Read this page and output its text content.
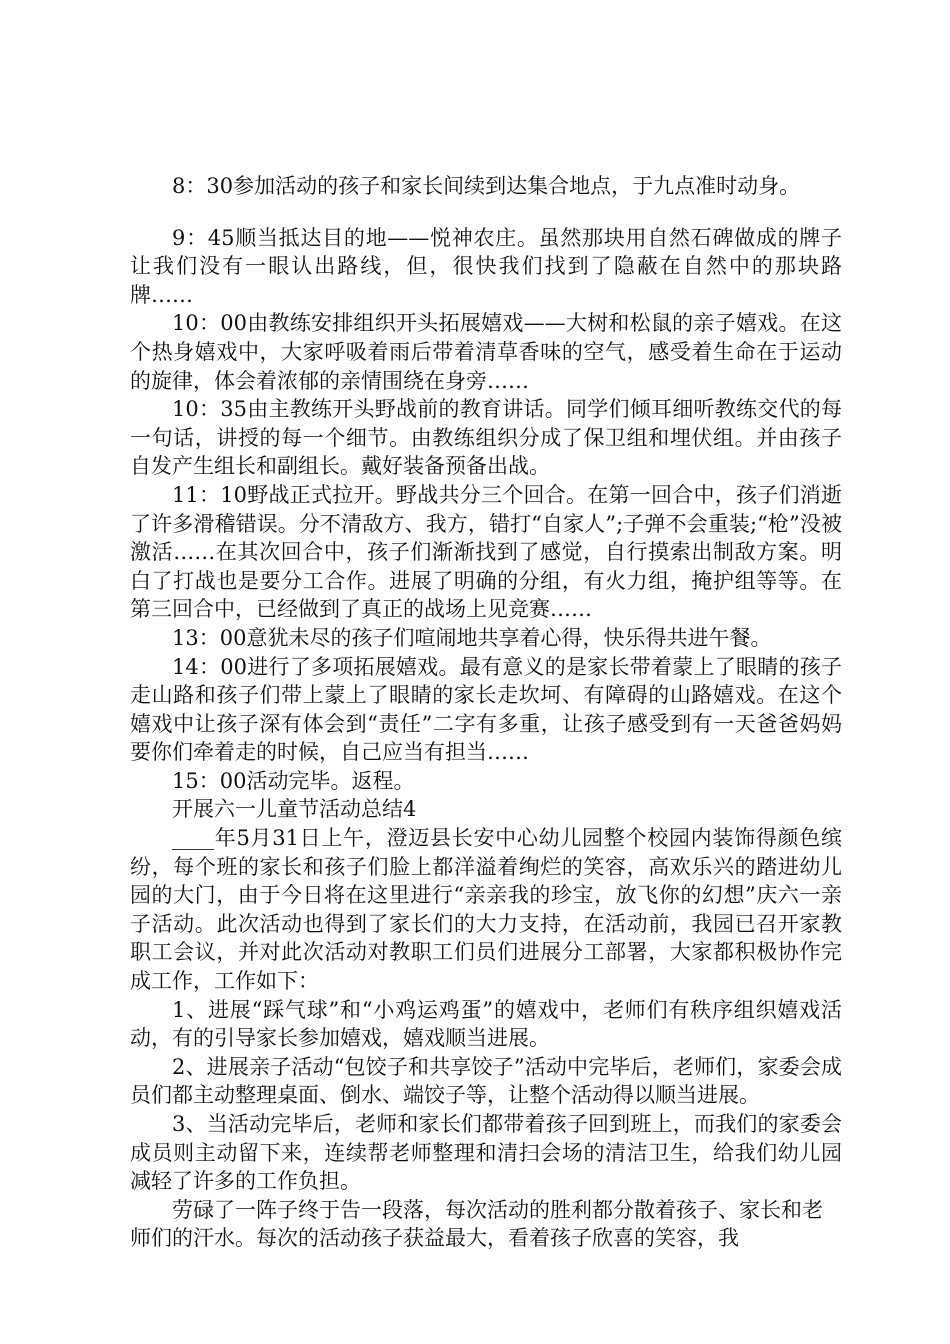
8：30参加活动的孩子和家长间续到达集合地点，于九点准时动身。

9：45顺当抵达目的地——悦神农庄。虽然那块用自然石碑做成的牌子让我们没有一眼认出路线，但，很快我们找到了隐蔽在自然中的那块路牌……

10：00由教练安排组织开头拓展嬉戏——大树和松鼠的亲子嬉戏。在这个热身嬉戏中，大家呼吸着雨后带着清草香味的空气，感受着生命在于运动的旋律，体会着浓郁的亲情围绕在身旁……

10：35由主教练开头野战前的教育讲话。同学们倾耳细听教练交代的每一句话，讲授的每一个细节。由教练组织分成了保卫组和埋伏组。并由孩子自发产生组长和副组长。戴好装备预备出战。

11：10野战正式拉开。野战共分三个回合。在第一回合中，孩子们消逝了许多滑稽错误。分不清敌方、我方，错打“自家人”;子弹不会重装;“枪”没被激活……在其次回合中，孩子们渐渐找到了感觉，自行摸索出制敌方案。明白了打战也是要分工合作。进展了明确的分组，有火力组，掩护组等等。在第三回合中，已经做到了真正的战场上见竞赛……

13：00意犹未尽的孩子们喧闹地共享着心得，快乐得共进午餐。

14：00进行了多项拓展嬉戏。最有意义的是家长带着蒙上了眼睛的孩子走山路和孩子们带上蒙上了眼睛的家长走坎坷、有障碍的山路嬉戏。在这个嬉戏中让孩子深有体会到“责任”二字有多重，让孩子感受到有一天爸爸妈妈要你们牵着走的时候，自己应当有担当……

15：00活动完毕。返程。

开展六一儿童节活动总结4

____年5月31日上午，澄迈县长安中心幼儿园整个校园内装饰得颜色缤纷，每个班的家长和孩子们脸上都洋溢着绚烂的笑容，高欢乐兴的踏进幼儿园的大门，由于今日将在这里进行“亲亲我的珍宝，放飞你的幻想”庆六一亲子活动。此次活动也得到了家长们的大力支持，在活动前，我园已召开家教职工会议，并对此次活动对教职工们员们进展分工部署，大家都积极协作完成工作，工作如下：

1、进展“踩气球”和“小鸡运鸡蛋”的嬉戏中，老师们有秩序组织嬉戏活动，有的引导家长参加嬉戏，嬉戏顺当进展。

2、进展亲子活动“包饺子和共享饺子”活动中完毕后，老师们，家委会成员们都主动整理桌面、倒水、端饺子等，让整个活动得以顺当进展。

3、当活动完毕后，老师和家长们都带着孩子回到班上，而我们的家委会成员则主动留下来，连续帮老师整理和清扫会场的清洁卫生，给我们幼儿园减轻了许多的工作负担。

劳碌了一阵子终于告一段落，每次活动的胜利都分散着孩子、家长和老师们的汗水。每次的活动孩子获益最大，看着孩子欣喜的笑容，我
